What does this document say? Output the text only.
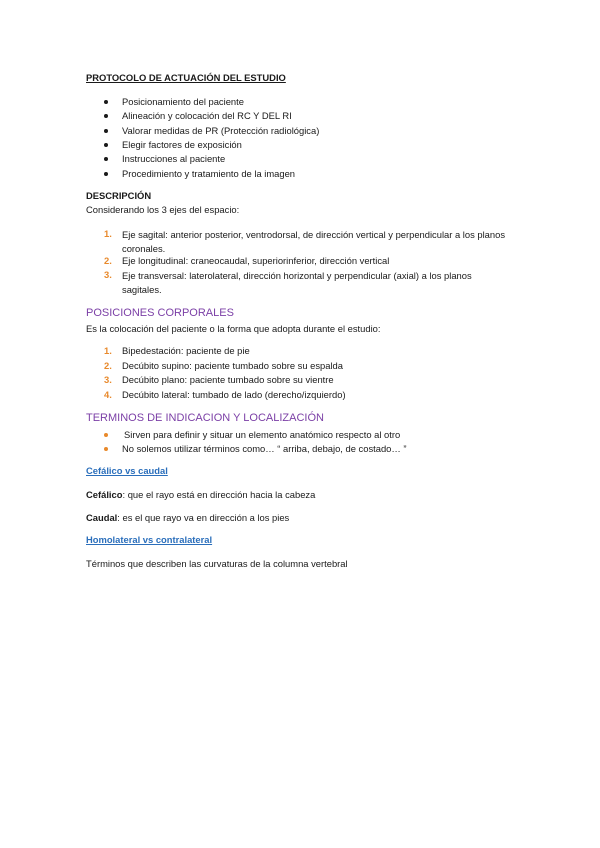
PROTOCOLO DE ACTUACIÓN DEL ESTUDIO
Posicionamiento del paciente
Alineación y colocación del RC Y DEL RI
Valorar medidas de PR (Protección radiológica)
Elegir factores de exposición
Instrucciones al paciente
Procedimiento y tratamiento de la imagen
DESCRIPCIÓN
Considerando los 3 ejes del espacio:
1. Eje sagital: anterior posterior, ventrodorsal, de dirección vertical y perpendicular a los planos coronales.
2. Eje longitudinal: craneocaudal, superiorinferior, dirección vertical
3. Eje transversal: laterolateral, dirección horizontal y perpendicular (axial) a los planos sagitales.
POSICIONES CORPORALES
Es la colocación del paciente o la forma que adopta durante el estudio:
1. Bipedestación: paciente de pie
2. Decúbito supino: paciente tumbado sobre su espalda
3. Decúbito plano: paciente tumbado sobre su vientre
4. Decúbito lateral: tumbado de lado (derecho/izquierdo)
TERMINOS DE INDICACION Y LOCALIZACIÓN
Sirven para definir y situar un elemento anatómico respecto al otro
No solemos utilizar términos como… “ arriba, debajo, de costado… ”
Cefálico vs caudal
Cefálico: que el rayo está en dirección hacia la cabeza
Caudal: es el que rayo va en dirección a los pies
Homolateral vs contralateral
Términos que describen las curvaturas de la columna vertebral
